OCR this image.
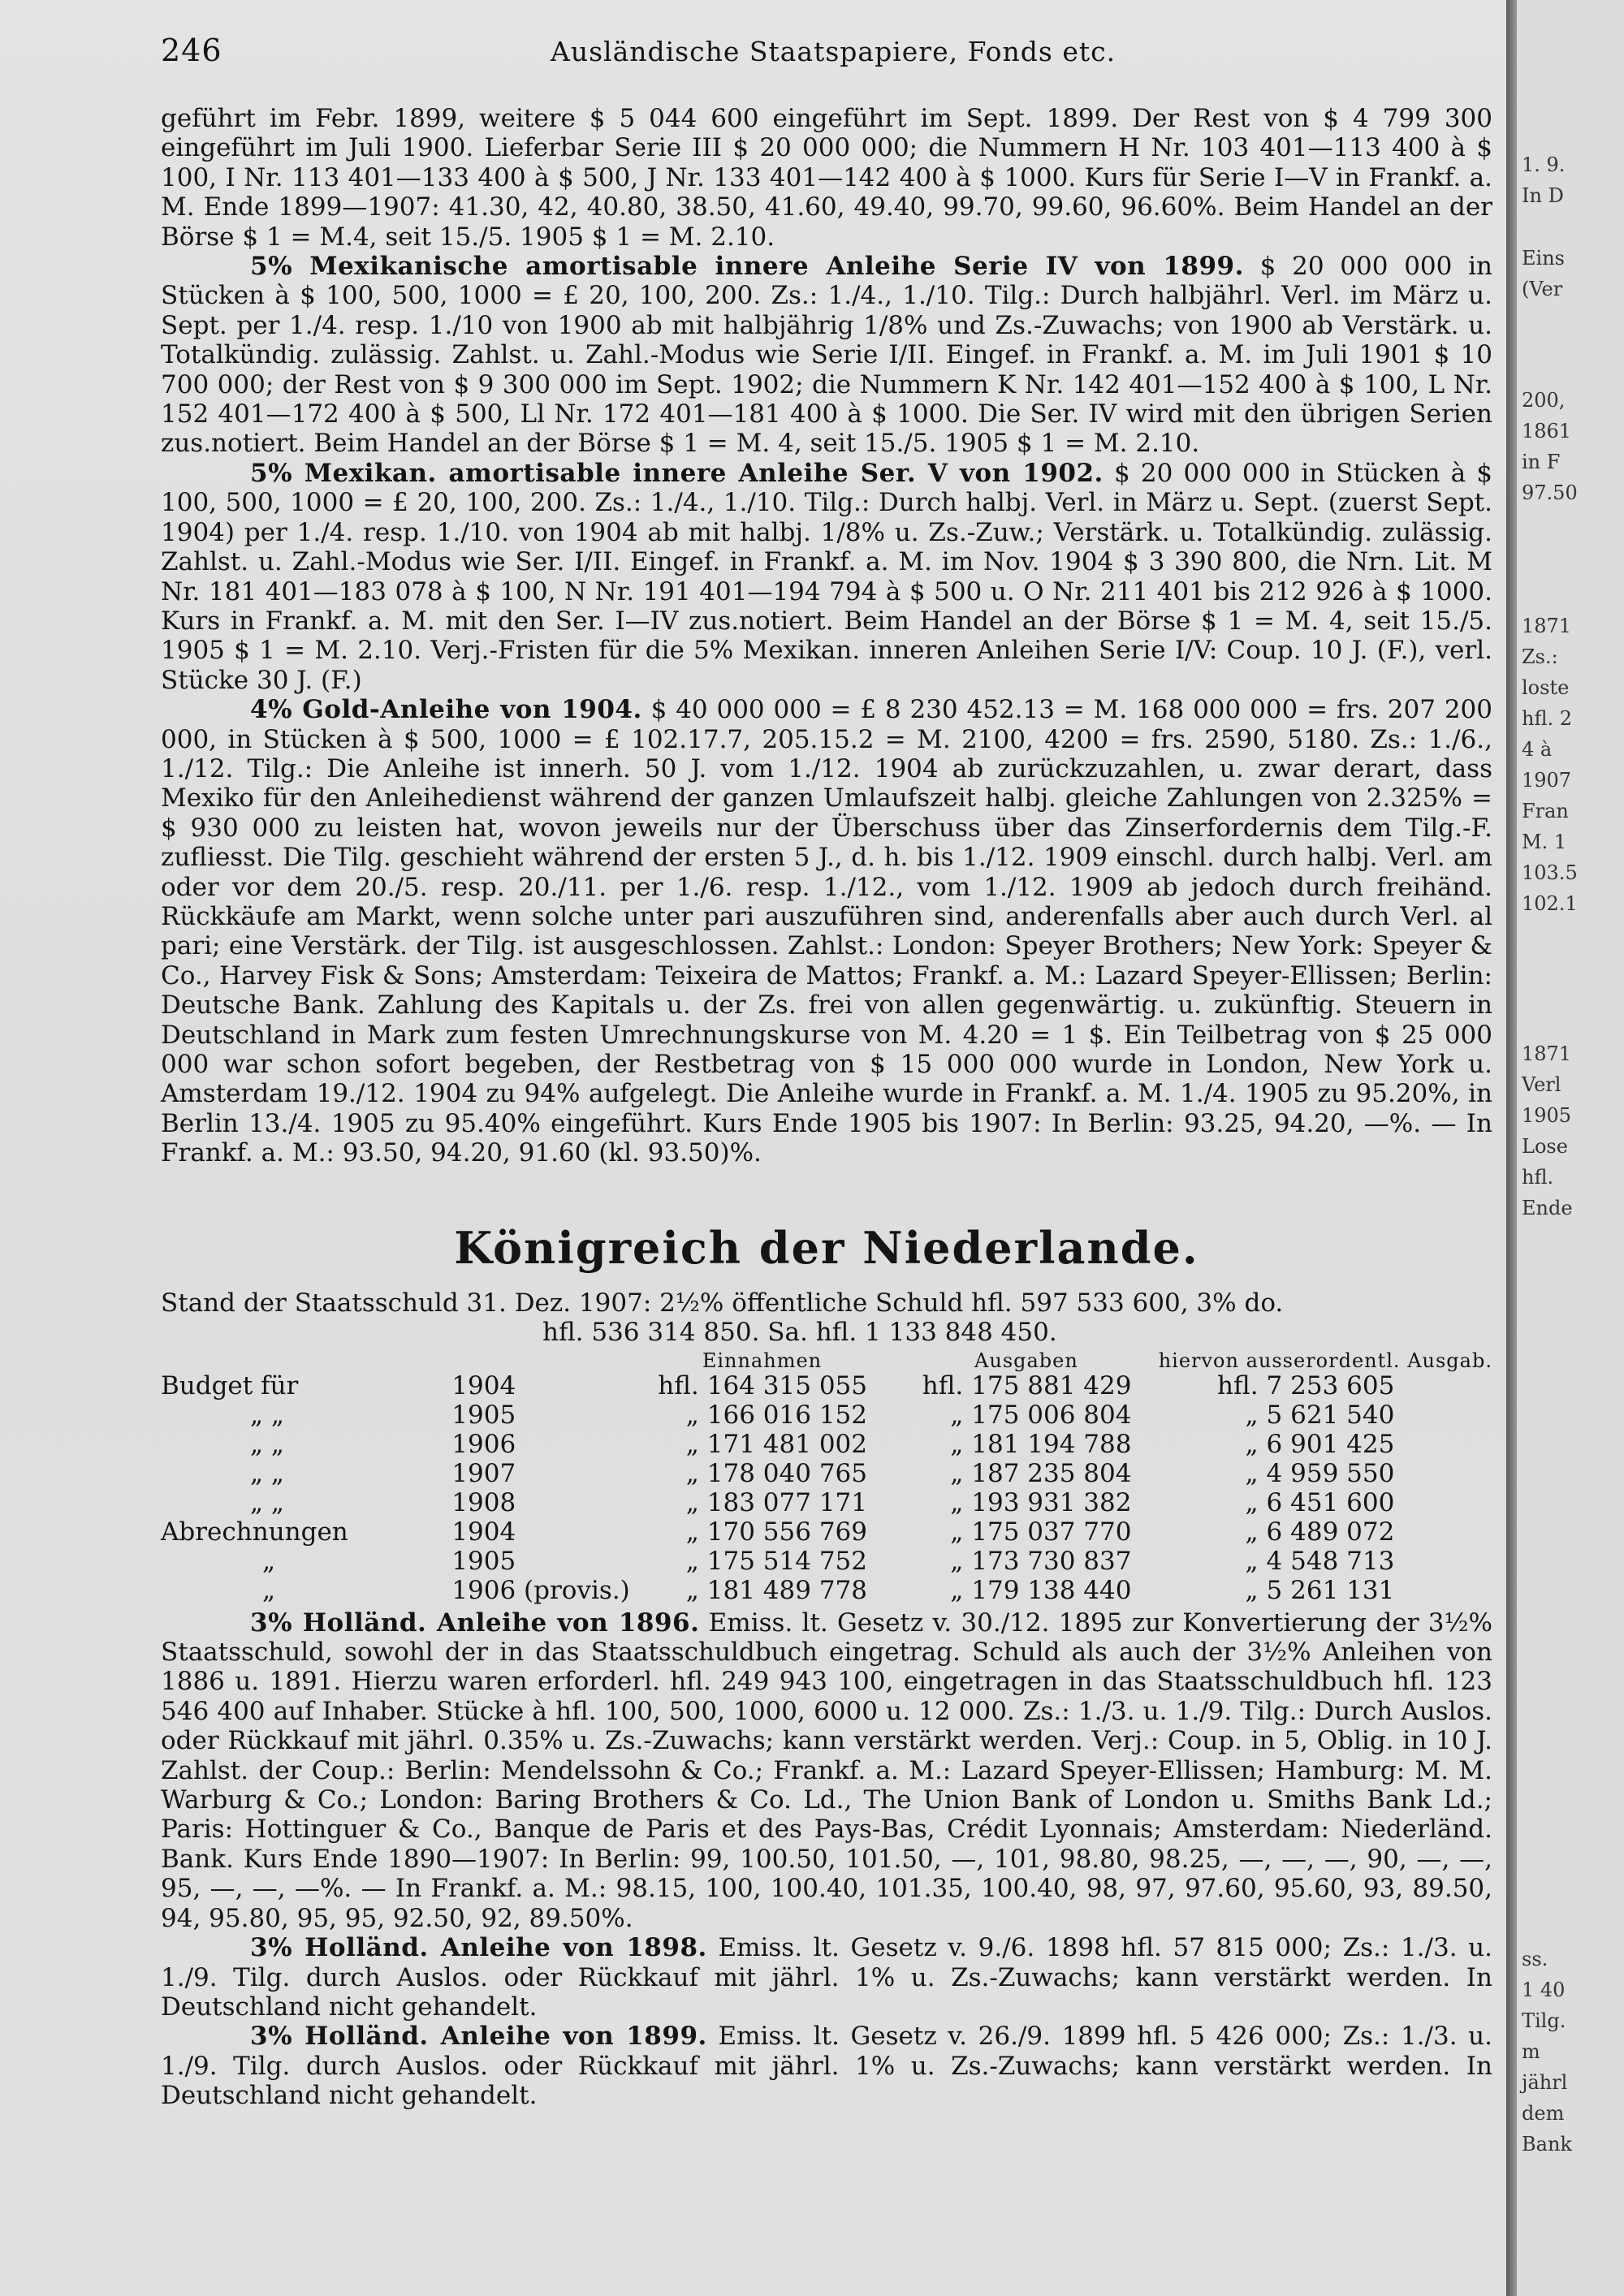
246	Ausländische Staatspapiere, Fonds etc.

geführt im Febr. 1899, weitere $ 5 044 600 eingeführt im Sept. 1899. Der Rest von $ 4 799 300 eingeführt im Juli 1900. Lieferbar Serie III $ 20 000 000; die Nummern H Nr. 103 401—113 400 à $ 100, I Nr. 113 401—133 400 à $ 500, J Nr. 133 401—142 400 à $ 1000. Kurs für Serie I—V in Frankf. a. M. Ende 1899—1907: 41.30, 42, 40.80, 38.50, 41.60, 49.40, 99.70, 99.60, 96.60%. Beim Handel an der Börse $ 1 = M.4, seit 15./5. 1905 $ 1 = M. 2.10.

5% Mexikanische amortisable innere Anleihe Serie IV von 1899. $ 20 000 000 in Stücken à $ 100, 500, 1000 = £ 20, 100, 200. Zs.: 1./4., 1./10. Tilg.: Durch halbjährl. Verl. im März u. Sept. per 1./4. resp. 1./10 von 1900 ab mit halbjährig 1/8% und Zs.-Zuwachs; von 1900 ab Verstärk. u. Totalkündig. zulässig. Zahlst. u. Zahl.-Modus wie Serie I/II. Eingef. in Frankf. a. M. im Juli 1901 $ 10 700 000; der Rest von $ 9 300 000 im Sept. 1902; die Nummern K Nr. 142 401—152 400 à $ 100, L Nr. 152 401—172 400 à $ 500, Ll Nr. 172 401—181 400 à $ 1000. Die Ser. IV wird mit den übrigen Serien zus.notiert. Beim Handel an der Börse $ 1 = M. 4, seit 15./5. 1905 $ 1 = M. 2.10.

5% Mexikan. amortisable innere Anleihe Ser. V von 1902. $ 20 000 000 in Stücken à $ 100, 500, 1000 = £ 20, 100, 200. Zs.: 1./4., 1./10. Tilg.: Durch halbj. Verl. in März u. Sept. (zuerst Sept. 1904) per 1./4. resp. 1./10. von 1904 ab mit halbj. 1/8% u. Zs.-Zuw.; Verstärk. u. Totalkündig. zulässig. Zahlst. u. Zahl.-Modus wie Ser. I/II. Eingef. in Frankf. a. M. im Nov. 1904 $ 3 390 800, die Nrn. Lit. M Nr. 181 401—183 078 à $ 100, N Nr. 191 401—194 794 à $ 500 u. O Nr. 211 401 bis 212 926 à $ 1000. Kurs in Frankf. a. M. mit den Ser. I—IV zus.notiert. Beim Handel an der Börse $ 1 = M. 4, seit 15./5. 1905 $ 1 = M. 2.10. Verj.-Fristen für die 5% Mexikan. inneren Anleihen Serie I/V: Coup. 10 J. (F.), verl. Stücke 30 J. (F.)

4% Gold-Anleihe von 1904. $ 40 000 000 = £ 8 230 452.13 = M. 168 000 000 = frs. 207 200 000, in Stücken à $ 500, 1000 = £ 102.17.7, 205.15.2 = M. 2100, 4200 = frs. 2590, 5180. Zs.: 1./6., 1./12. Tilg.: Die Anleihe ist innerh. 50 J. vom 1./12. 1904 ab zurückzuzahlen, u. zwar derart, dass Mexiko für den Anleihedienst während der ganzen Umlaufszeit halbj. gleiche Zahlungen von 2.325% = $ 930 000 zu leisten hat, wovon jeweils nur der Überschuss über das Zinserfordernis dem Tilg.-F. zufliesst. Die Tilg. geschieht während der ersten 5 J., d. h. bis 1./12. 1909 einschl. durch halbj. Verl. am oder vor dem 20./5. resp. 20./11. per 1./6. resp. 1./12., vom 1./12. 1909 ab jedoch durch freihänd. Rückkäufe am Markt, wenn solche unter pari auszuführen sind, anderenfalls aber auch durch Verl. al pari; eine Verstärk. der Tilg. ist ausgeschlossen. Zahlst.: London: Speyer Brothers; New York: Speyer & Co., Harvey Fisk & Sons; Amsterdam: Teixeira de Mattos; Frankf. a. M.: Lazard Speyer-Ellissen; Berlin: Deutsche Bank. Zahlung des Kapitals u. der Zs. frei von allen gegenwärtig. u. zukünftig. Steuern in Deutschland in Mark zum festen Umrechnungskurse von M. 4.20 = 1 $. Ein Teilbetrag von $ 25 000 000 war schon sofort begeben, der Restbetrag von $ 15 000 000 wurde in London, New York u. Amsterdam 19./12. 1904 zu 94% aufgelegt. Die Anleihe wurde in Frankf. a. M. 1./4. 1905 zu 95.20%, in Berlin 13./4. 1905 zu 95.40% eingeführt. Kurs Ende 1905 bis 1907: In Berlin: 93.25, 94.20, —%. — In Frankf. a. M.: 93.50, 94.20, 91.60 (kl. 93.50)%.

Königreich der Niederlande.

Stand der Staatsschuld 31. Dez. 1907: 2½% öffentliche Schuld hfl. 597 533 600, 3% do.

hfl. 536 314 850. Sa. hfl. 1 133 848 450.

		Einnahmen		Ausgaben		hiervon ausserordentl. Ausgab.	
Budget für	1904	hfl.	164 315 055	hfl.	175 881 429	hfl.	7 253 605
„ „	1905	„	166 016 152	„	175 006 804	„	5 621 540
„ „	1906	„	171 481 002	„	181 194 788	„	6 901 425
„ „	1907	„	178 040 765	„	187 235 804	„	4 959 550
„ „	1908	„	183 077 171	„	193 931 382	„	6 451 600
Abrechnungen	1904	„	170 556 769	„	175 037 770	„	6 489 072
„	1905	„	175 514 752	„	173 730 837	„	4 548 713
„	1906 (provis.)	„	181 489 778	„	179 138 440	„	5 261 131

3% Holländ. Anleihe von 1896. Emiss. lt. Gesetz v. 30./12. 1895 zur Konvertierung der 3½% Staatsschuld, sowohl der in das Staatsschuldbuch eingetrag. Schuld als auch der 3½% Anleihen von 1886 u. 1891. Hierzu waren erforderl. hfl. 249 943 100, eingetragen in das Staatsschuldbuch hfl. 123 546 400 auf Inhaber. Stücke à hfl. 100, 500, 1000, 6000 u. 12 000. Zs.: 1./3. u. 1./9. Tilg.: Durch Auslos. oder Rückkauf mit jährl. 0.35% u. Zs.-Zuwachs; kann verstärkt werden. Verj.: Coup. in 5, Oblig. in 10 J. Zahlst. der Coup.: Berlin: Mendelssohn & Co.; Frankf. a. M.: Lazard Speyer-Ellissen; Hamburg: M. M. Warburg & Co.; London: Baring Brothers & Co. Ld., The Union Bank of London u. Smiths Bank Ld.; Paris: Hottinguer & Co., Banque de Paris et des Pays-Bas, Crédit Lyonnais; Amsterdam: Niederländ. Bank. Kurs Ende 1890—1907: In Berlin: 99, 100.50, 101.50, —, 101, 98.80, 98.25, —, —, —, 90, —, —, 95, —, —, —%. — In Frankf. a. M.: 98.15, 100, 100.40, 101.35, 100.40, 98, 97, 97.60, 95.60, 93, 89.50, 94, 95.80, 95, 95, 92.50, 92, 89.50%.

3% Holländ. Anleihe von 1898. Emiss. lt. Gesetz v. 9./6. 1898 hfl. 57 815 000; Zs.: 1./3. u. 1./9. Tilg. durch Auslos. oder Rückkauf mit jährl. 1% u. Zs.-Zuwachs; kann verstärkt werden. In Deutschland nicht gehandelt.

3% Holländ. Anleihe von 1899. Emiss. lt. Gesetz v. 26./9. 1899 hfl. 5 426 000; Zs.: 1./3. u. 1./9. Tilg. durch Auslos. oder Rückkauf mit jährl. 1% u. Zs.-Zuwachs; kann verstärkt werden. In Deutschland nicht gehandelt.

1. 9.
In D
Eins
(Ver
200,
1861
in F
97.50
1871
Zs.:
loste
hfl. 2
4 à
1907
Fran
M. 1
103.5
102.1
1871
Verl
1905
Lose
hfl.
Ende
ss.
1 40
Tilg.
m
jährl
dem
Bank
